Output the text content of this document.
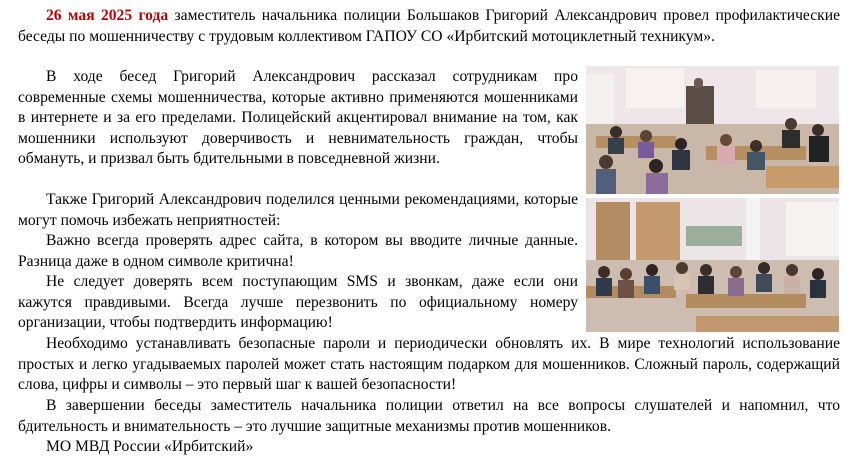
26 мая 2025 года заместитель начальника полиции Большаков Григорий Александрович провел профилактические беседы по мошенничеству с трудовым коллективом ГАПОУ СО «Ирбитский мотоциклетный техникум».

В ходе бесед Григорий Александрович рассказал сотрудникам про современные схемы мошенничества, которые активно применяются мошенниками в интернете и за его пределами. Полицейский акцентировал внимание на том, как мошенники используют доверчивость и невнимательность граждан, чтобы обмануть, и призвал быть бдительными в повседневной жизни.

Также Григорий Александрович поделился ценными рекомендациями, которые могут помочь избежать неприятностей:

Важно всегда проверять адрес сайта, в котором вы вводите личные данные. Разница даже в одном символе критична!

Не следует доверять всем поступающим SMS и звонкам, даже если они кажутся правдивыми. Всегда лучше перезвонить по официальному номеру организации, чтобы подтвердить информацию!

Необходимо устанавливать безопасные пароли и периодически обновлять их. В мире технологий использование простых и легко угадываемых паролей может стать настоящим подарком для мошенников. Сложный пароль, содержащий слова, цифры и символы – это первый шаг к вашей безопасности!

В завершении беседы заместитель начальника полиции ответил на все вопросы слушателей и напомнил, что бдительность и внимательность – это лучшие защитные механизмы против мошенников.

МО МВД России «Ирбитский»
